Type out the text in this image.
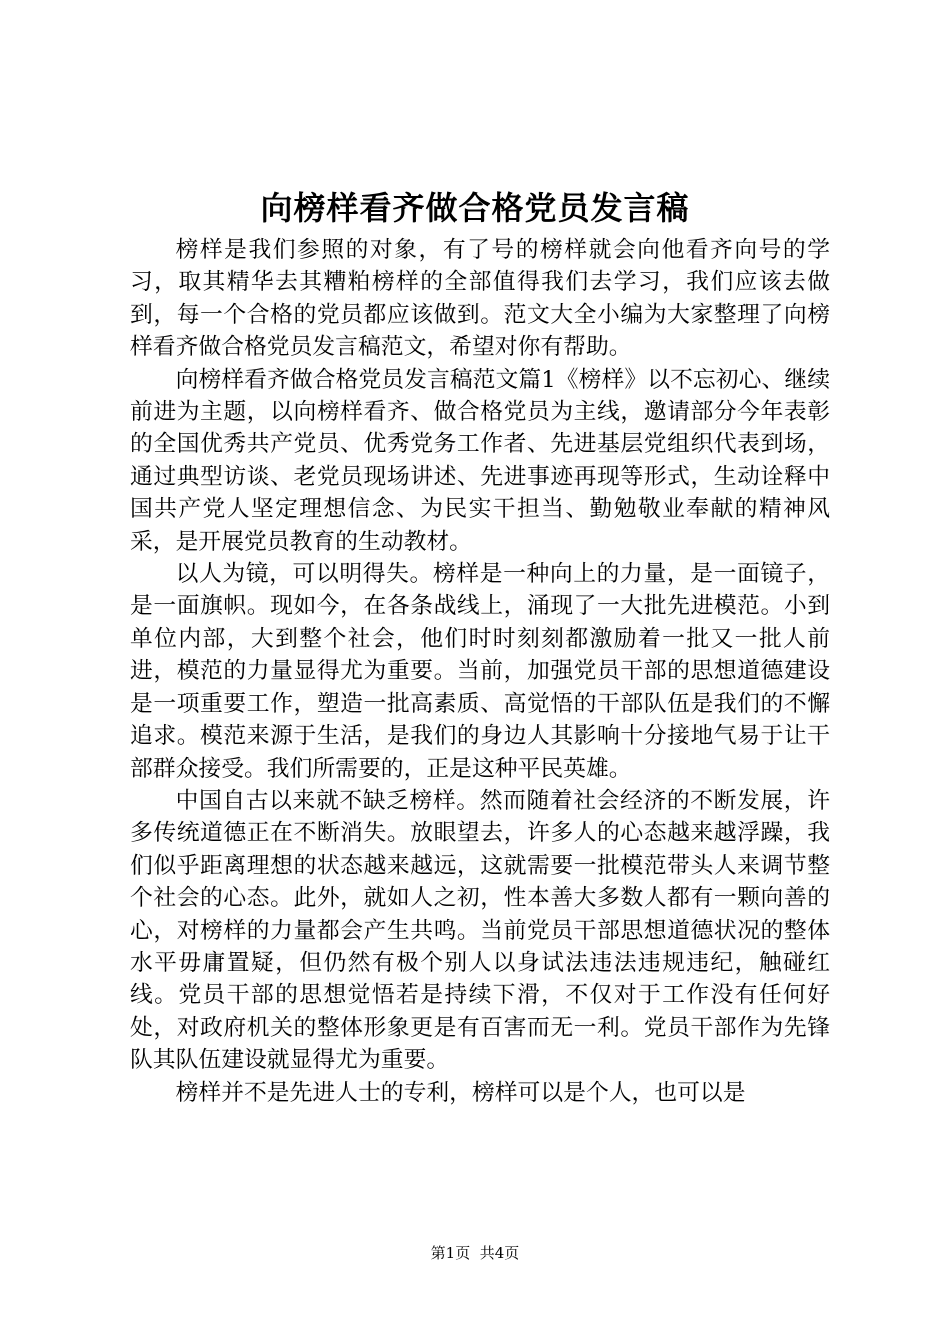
向榜样看齐做合格党员发言稿

榜样是我们参照的对象，有了号的榜样就会向他看齐向号的学习，取其精华去其糟粕榜样的全部值得我们去学习，我们应该去做到，每一个合格的党员都应该做到。范文大全小编为大家整理了向榜样看齐做合格党员发言稿范文，希望对你有帮助。

向榜样看齐做合格党员发言稿范文篇1《榜样》以不忘初心、继续前进为主题，以向榜样看齐、做合格党员为主线，邀请部分今年表彰的全国优秀共产党员、优秀党务工作者、先进基层党组织代表到场，通过典型访谈、老党员现场讲述、先进事迹再现等形式，生动诠释中国共产党人坚定理想信念、为民实干担当、勤勉敬业奉献的精神风采，是开展党员教育的生动教材。

以人为镜，可以明得失。榜样是一种向上的力量，是一面镜子，是一面旗帜。现如今，在各条战线上，涌现了一大批先进模范。小到单位内部，大到整个社会，他们时时刻刻都激励着一批又一批人前进，模范的力量显得尤为重要。当前，加强党员干部的思想道德建设是一项重要工作，塑造一批高素质、高觉悟的干部队伍是我们的不懈追求。模范来源于生活，是我们的身边人其影响十分接地气易于让干部群众接受。我们所需要的，正是这种平民英雄。

中国自古以来就不缺乏榜样。然而随着社会经济的不断发展，许多传统道德正在不断消失。放眼望去，许多人的心态越来越浮躁，我们似乎距离理想的状态越来越远，这就需要一批模范带头人来调节整个社会的心态。此外，就如人之初，性本善大多数人都有一颗向善的心，对榜样的力量都会产生共鸣。当前党员干部思想道德状况的整体水平毋庸置疑，但仍然有极个别人以身试法违法违规违纪，触碰红线。党员干部的思想觉悟若是持续下滑，不仅对于工作没有任何好处，对政府机关的整体形象更是有百害而无一利。党员干部作为先锋队其队伍建设就显得尤为重要。

榜样并不是先进人士的专利，榜样可以是个人，也可以是

第1页 共4页
